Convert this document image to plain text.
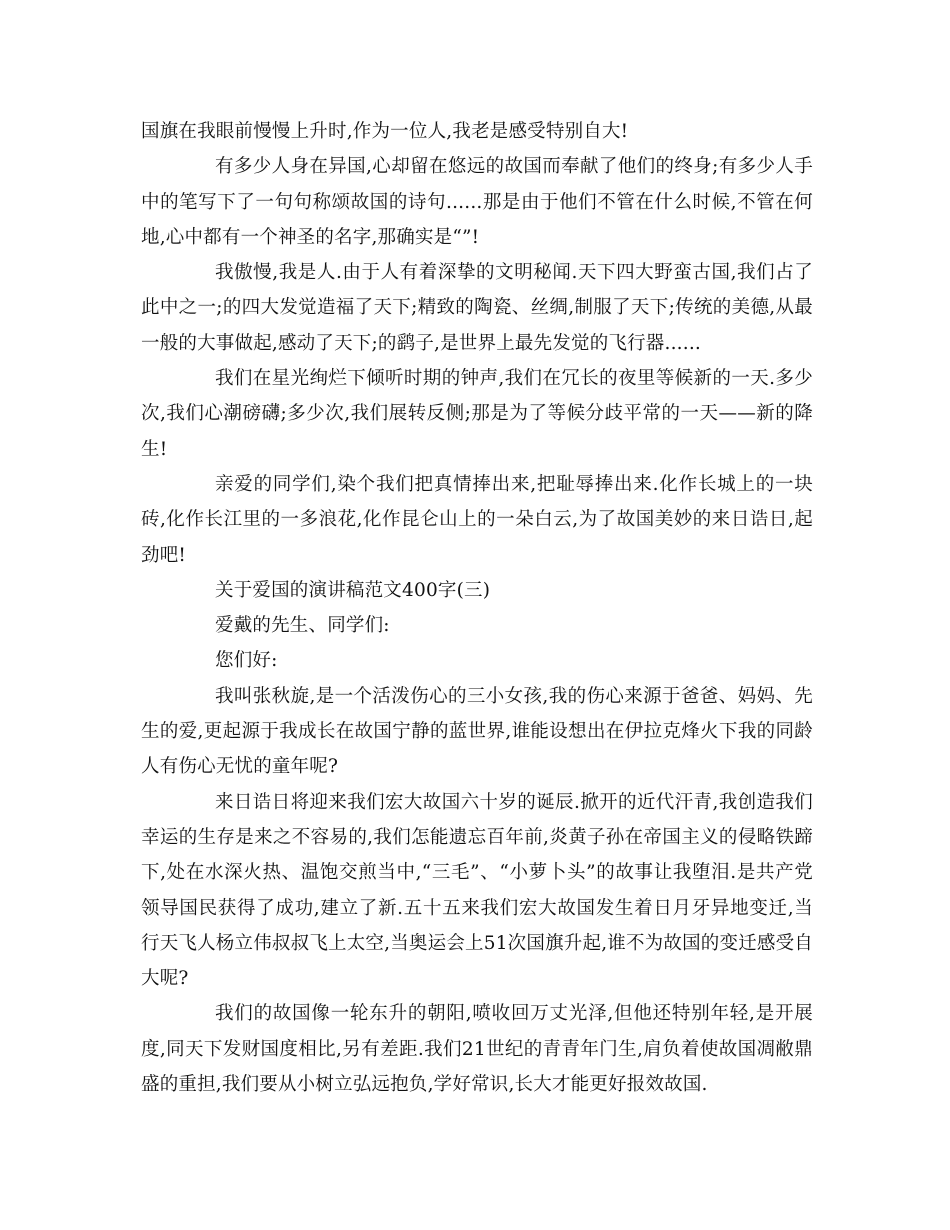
国旗在我眼前慢慢上升时,作为一位人,我老是感受特别自大!

有多少人身在异国,心却留在悠远的故国而奉献了他们的终身;有多少人手中的笔写下了一句句称颂故国的诗句......那是由于他们不管在什么时候,不管在何地,心中都有一个神圣的名字,那确实是“”!

我傲慢,我是人.由于人有着深挚的文明秘闻.天下四大野蛮古国,我们占了此中之一;的四大发觉造福了天下;精致的陶瓷、丝绸,制服了天下;传统的美德,从最一般的大事做起,感动了天下;的鹞子,是世界上最先发觉的飞行器......

我们在星光绚烂下倾听时期的钟声,我们在冗长的夜里等候新的一天.多少次,我们心潮磅礴;多少次,我们展转反侧;那是为了等候分歧平常的一天——新的降生!

亲爱的同学们,染个我们把真情捧出来,把耻辱捧出来.化作长城上的一块砖,化作长江里的一多浪花,化作昆仑山上的一朵白云,为了故国美妙的来日诰日,起劲吧!

关于爱国的演讲稿范文400字(三)

爱戴的先生、同学们:

您们好:

我叫张秋旋,是一个活泼伤心的三小女孩,我的伤心来源于爸爸、妈妈、先生的爱,更起源于我成长在故国宁静的蓝世界,谁能设想出在伊拉克烽火下我的同龄人有伤心无忧的童年呢?

来日诰日将迎来我们宏大故国六十岁的诞辰.掀开的近代汗青,我创造我们幸运的生存是来之不容易的,我们怎能遗忘百年前,炎黄子孙在帝国主义的侵略铁蹄下,处在水深火热、温饱交煎当中,“三毛”、“小萝卜头”的故事让我堕泪.是共产党领导国民获得了成功,建立了新.五十五来我们宏大故国发生着日月牙异地变迁,当行天飞人杨立伟叔叔飞上太空,当奥运会上51次国旗升起,谁不为故国的变迁感受自大呢?

我们的故国像一轮东升的朝阳,喷收回万丈光泽,但他还特别年轻,是开展度,同天下发财国度相比,另有差距.我们21世纪的青青年门生,肩负着使故国凋敝鼎盛的重担,我们要从小树立弘远抱负,学好常识,长大才能更好报效故国.
